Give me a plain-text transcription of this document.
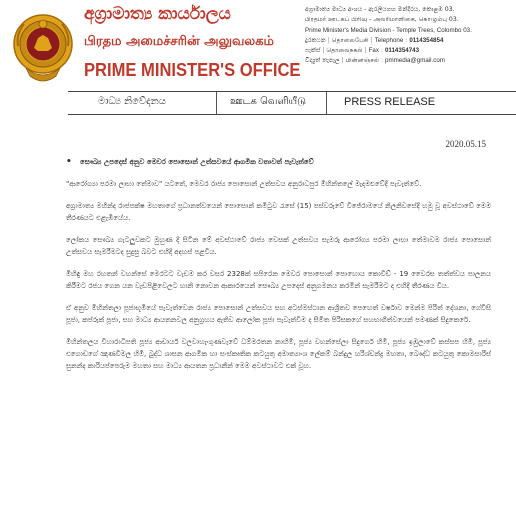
අග්‍රාමාත්‍ය කාර්යාලය
பிரதம அமைச்சரின் அலுவலகம்
PRIME MINISTER'S OFFICE
අග්‍රාමාත්‍ය මාධ්‍ය අංශය - ඇරලියගහ මන්දිරය, කොළඹ 03.
பிரதமர் ஊடகப் பிரிவு - அலரிமாளிகை, கொழும்பு 03.
Prime Minister's Media Division - Temple Trees, Colombo 03.
දුරකථන | தொலைபேசி | Telephone : 0114354854
ෆැක්ස් | தொலைநகல் | Fax : 0114354743
විද්‍යුත් තැපෑල | மின்னஞ்சல் : pmmedia@gmail.com
මාධ්‍ය නිවේදනය	ஊடக வெளியீடு	PRESS RELEASE
2020.05.15
• සෞඛ්‍ය උපදෙස් අනුව මෙවර පොසොන් උත්සවයේ ආගමික වතාවත් පැවැත්වේ

"ආරෝග්‍යා පරමා ලාභා තේමාව" යටතේ, මෙවර රාජ්‍ය පොසොන් උත්සවය අනුරාධපුර මිහින්තලේ මැදමළුවේදී පැවැත්වේ.

අග්‍රාමාත්‍ය මහින්ද රාජපක්ෂ මහතාගේ ප්‍රධානත්වයෙන් පොසොන් කමිටුව රැසේ (15) පස්වරුවේ විජේරාමයේ නිලනිවසේදී හමු වූ අවස්ථාවේ මෙම තීරණයට එළැඹියේය.

ලෝකය සෞඛ්‍ය ගැටලුවකට මුහුණ දී සිටින මේ අවස්ථාවේ රාජ්‍ය වෙසක් උත්සවය සැමරූ ආරෝග්‍ය පරමා ලාභා තේමාවම රාජ්‍ය පොසොන් උත්සවය සැමරීමටද සුදුසු බවට එහිදී අදහස් පළවිය.

මිහිඳු මහ රහතන් වහන්සේ මෙරටට වැඩම කර වසර 2328ක් සපිරෙන මෙවර පොසොන් පොහොය කොවිඩ් - 19 වෛරස තත්ත්වය පාලනය කිරීමට රජය ගෙන යන වැඩපිළිවෙලට හානි නොවන ආකාරයෙන් සෞඛ්‍ය උපදෙස් අනුගමනය කරමින් සැමරීමට ද එහිදී තීරණය විය.

ඒ අනුව මිහින්තලා පූජාභූමියේ පැවැත්වෙන රාජ්‍ය පොසොන් උත්සවය සහ අටස්මස්ථාන ආශ්‍රිතව පෙහෙත් වර්ෂාව මෙන්ම පිරිත් දේශනා, ගේවිසි පූජා, කප්රුක් පූජා, සහ මාධ්‍ය ආයතනවල අනුග්‍රහය ඇතිව ආලෝක පූජා පැවැත්වීම ද සීමිත පිරිසකගේ සහභාගීත්වයෙන් පමණක් සිදුකෙරේ.

මිහින්තලය විහාරාධිපති පූජ්‍ය ආචාර්ය වලවාහැංගුණවැවේ ධම්මරතන නාහිමි, පූජ්‍ය වහන්සේලා සිදුර්ගෙ හිමි, පූජ්‍ය ඉඹුලාවේ කස්සප හිමි, පූජ්‍ය එගොඩගේ ඤාණවිමල හිමි, බුද්ධ ශාසන ආගමික හා සංස්කෘතික කටයුතු අමාත්‍යාංශ ලේකම් බන්දුල හරිශ්චන්ද්‍ර මහතා, බෞද්ධ කටයුතු කොමසාරිස් සුනන්ද කාරියප්පෙරුම මහතා සහ මාධ්‍ය ආයතන ප්‍රධානීන් මෙම අවස්ථාවට එක් වූහ.
